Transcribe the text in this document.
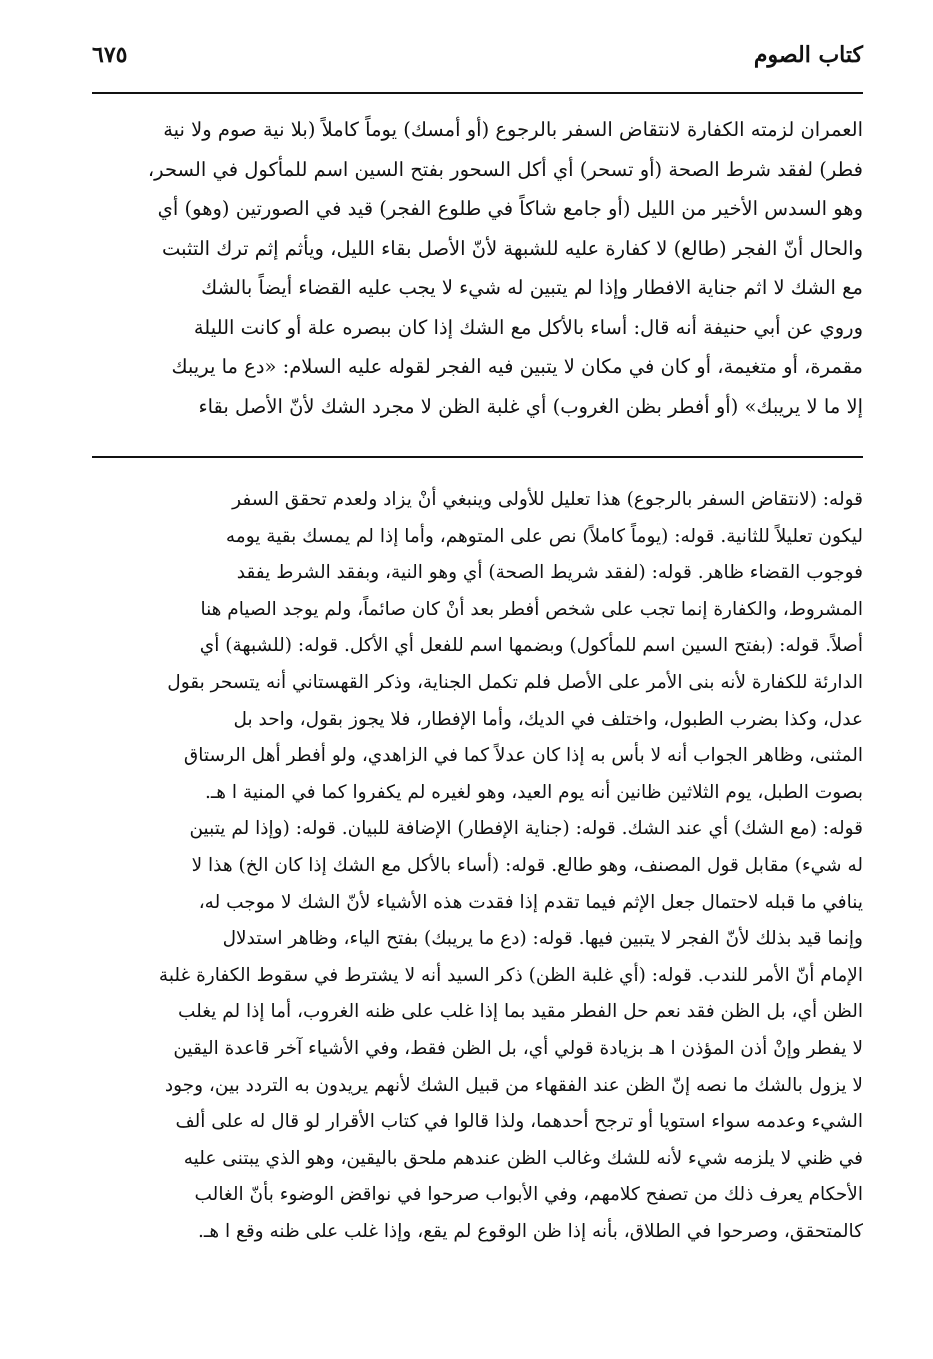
كتاب الصوم
٦٧٥
العمران لزمته الكفارة لانتقاض السفر بالرجوع (أو أمسك) يوماً كاملاً (بلا نية صوم ولا نية
فطر) لفقد شرط الصحة (أو تسحر) أي أكل السحور بفتح السين اسم للمأكول في السحر،
وهو السدس الأخير من الليل (أو جامع شاكاً في طلوع الفجر) قيد في الصورتين (وهو) أي
والحال أنّ الفجر (طالع) لا كفارة عليه للشبهة لأنّ الأصل بقاء الليل، ويأثم إثم ترك التثبت
مع الشك لا اثم جناية الافطار وإذا لم يتبين له شيء لا يجب عليه القضاء أيضاً بالشك
وروي عن أبي حنيفة أنه قال: أساء بالأكل مع الشك إذا كان ببصره علة أو كانت الليلة
مقمرة، أو متغيمة، أو كان في مكان لا يتبين فيه الفجر لقوله عليه السلام: «دع ما يريبك
إلا ما لا يريبك» (أو أفطر بظن الغروب) أي غلبة الظن لا مجرد الشك لأنّ الأصل بقاء
قوله: (لانتقاض السفر بالرجوع) هذا تعليل للأولى وينبغي أنْ يزاد ولعدم تحقق السفر
ليكون تعليلاً للثانية. قوله: (يوماً كاملاً) نص على المتوهم، وأما إذا لم يمسك بقية يومه
فوجوب القضاء ظاهر. قوله: (لفقد شريط الصحة) أي وهو النية، وبفقد الشرط يفقد
المشروط، والكفارة إنما تجب على شخص أفطر بعد أنْ كان صائماً، ولم يوجد الصيام هنا
أصلاً. قوله: (بفتح السين اسم للمأكول) وبضمها اسم للفعل أي الأكل. قوله: (للشبهة) أي
الدارئة للكفارة لأنه بنى الأمر على الأصل فلم تكمل الجناية، وذكر القهستاني أنه يتسحر بقول
عدل، وكذا بضرب الطبول، واختلف في الديك، وأما الإفطار، فلا يجوز بقول، واحد بل
المثنى، وظاهر الجواب أنه لا بأس به إذا كان عدلاً كما في الزاهدي، ولو أفطر أهل الرستاق
بصوت الطبل، يوم الثلاثين ظانين أنه يوم العيد، وهو لغيره لم يكفروا كما في المنية ا هـ.
قوله: (مع الشك) أي عند الشك. قوله: (جناية الإفطار) الإضافة للبيان. قوله: (وإذا لم يتبين
له شيء) مقابل قول المصنف، وهو طالع. قوله: (أساء بالأكل مع الشك إذا كان الخ) هذا لا
ينافي ما قبله لاحتمال جعل الإثم فيما تقدم إذا فقدت هذه الأشياء لأنّ الشك لا موجب له،
وإنما قيد بذلك لأنّ الفجر لا يتبين فيها. قوله: (دع ما يريبك) بفتح الياء، وظاهر استدلال
الإمام أنّ الأمر للندب. قوله: (أي غلبة الظن) ذكر السيد أنه لا يشترط في سقوط الكفارة غلبة
الظن أي، بل الظن فقد نعم حل الفطر مقيد بما إذا غلب على ظنه الغروب، أما إذا لم يغلب
لا يفطر وإنْ أذن المؤذن ا هـ بزيادة قولي أي، بل الظن فقط، وفي الأشياء آخر قاعدة اليقين
لا يزول بالشك ما نصه إنّ الظن عند الفقهاء من قبيل الشك لأنهم يريدون به التردد بين، وجود
الشيء وعدمه سواء استويا أو ترجح أحدهما، ولذا قالوا في كتاب الأقرار لو قال له على ألف
في ظني لا يلزمه شيء لأنه للشك وغالب الظن عندهم ملحق باليقين، وهو الذي يبتنى عليه
الأحكام يعرف ذلك من تصفح كلامهم، وفي الأبواب صرحوا في نواقض الوضوء بأنّ الغالب
كالمتحقق، وصرحوا في الطلاق، بأنه إذا ظن الوقوع لم يقع، وإذا غلب على ظنه وقع ا هـ.
